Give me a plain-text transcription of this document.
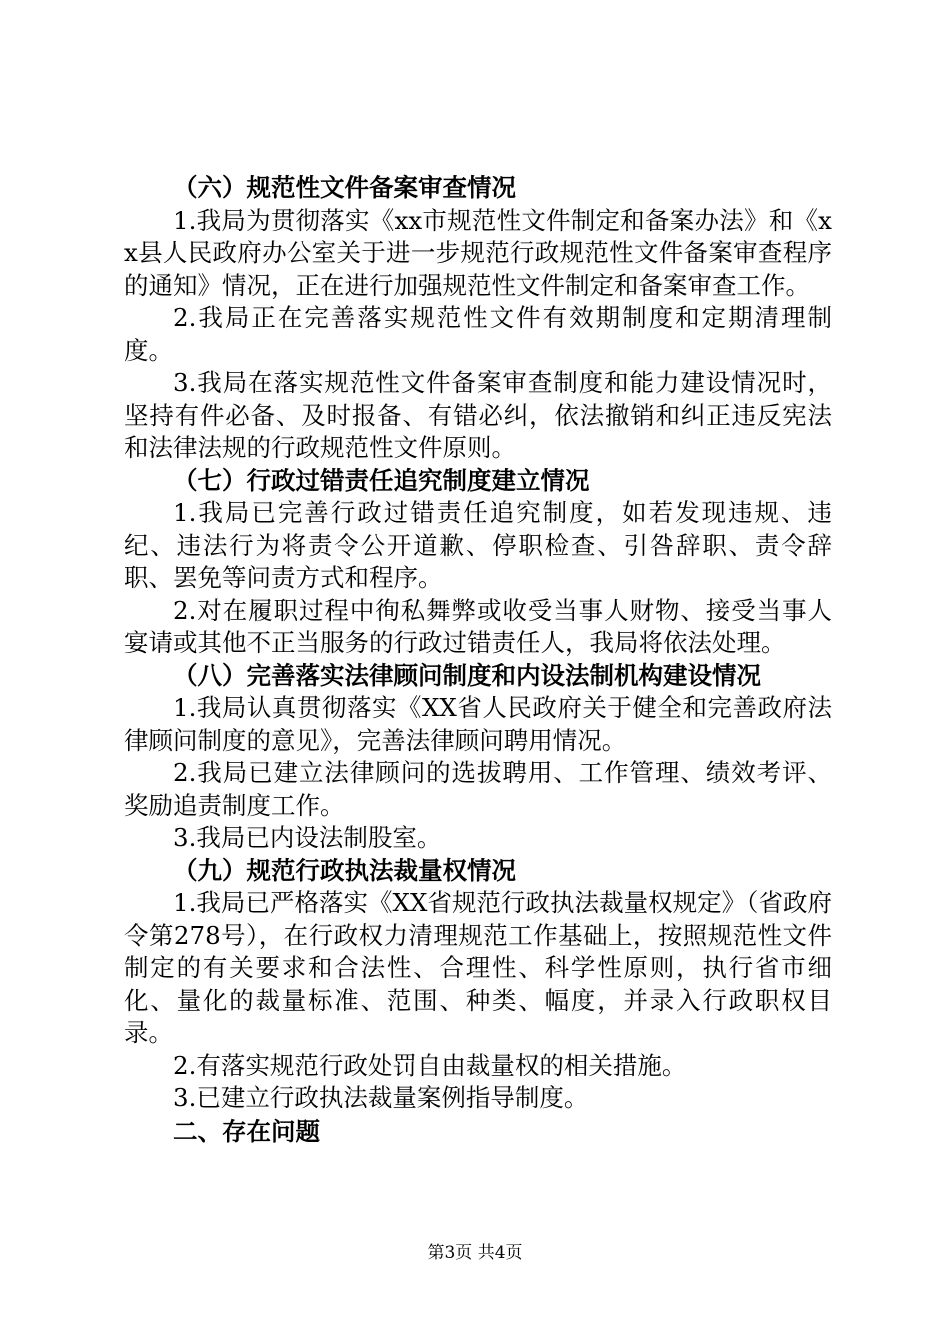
（六）规范性文件备案审查情况

1.我局为贯彻落实《xx市规范性文件制定和备案办法》和《xx县人民政府办公室关于进一步规范行政规范性文件备案审查程序的通知》情况，正在进行加强规范性文件制定和备案审查工作。

2.我局正在完善落实规范性文件有效期制度和定期清理制度。

3.我局在落实规范性文件备案审查制度和能力建设情况时，坚持有件必备、及时报备、有错必纠，依法撤销和纠正违反宪法和法律法规的行政规范性文件原则。

（七）行政过错责任追究制度建立情况

1.我局已完善行政过错责任追究制度，如若发现违规、违纪、违法行为将责令公开道歉、停职检查、引咎辞职、责令辞职、罢免等问责方式和程序。

2.对在履职过程中徇私舞弊或收受当事人财物、接受当事人宴请或其他不正当服务的行政过错责任人，我局将依法处理。

（八）完善落实法律顾问制度和内设法制机构建设情况

1.我局认真贯彻落实《XX省人民政府关于健全和完善政府法律顾问制度的意见》，完善法律顾问聘用情况。

2.我局已建立法律顾问的选拔聘用、工作管理、绩效考评、奖励追责制度工作。

3.我局已内设法制股室。

（九）规范行政执法裁量权情况

1.我局已严格落实《XX省规范行政执法裁量权规定》（省政府令第278号），在行政权力清理规范工作基础上，按照规范性文件制定的有关要求和合法性、合理性、科学性原则，执行省市细化、量化的裁量标准、范围、种类、幅度，并录入行政职权目录。

2.有落实规范行政处罚自由裁量权的相关措施。

3.已建立行政执法裁量案例指导制度。

二、存在问题
第3页 共4页
